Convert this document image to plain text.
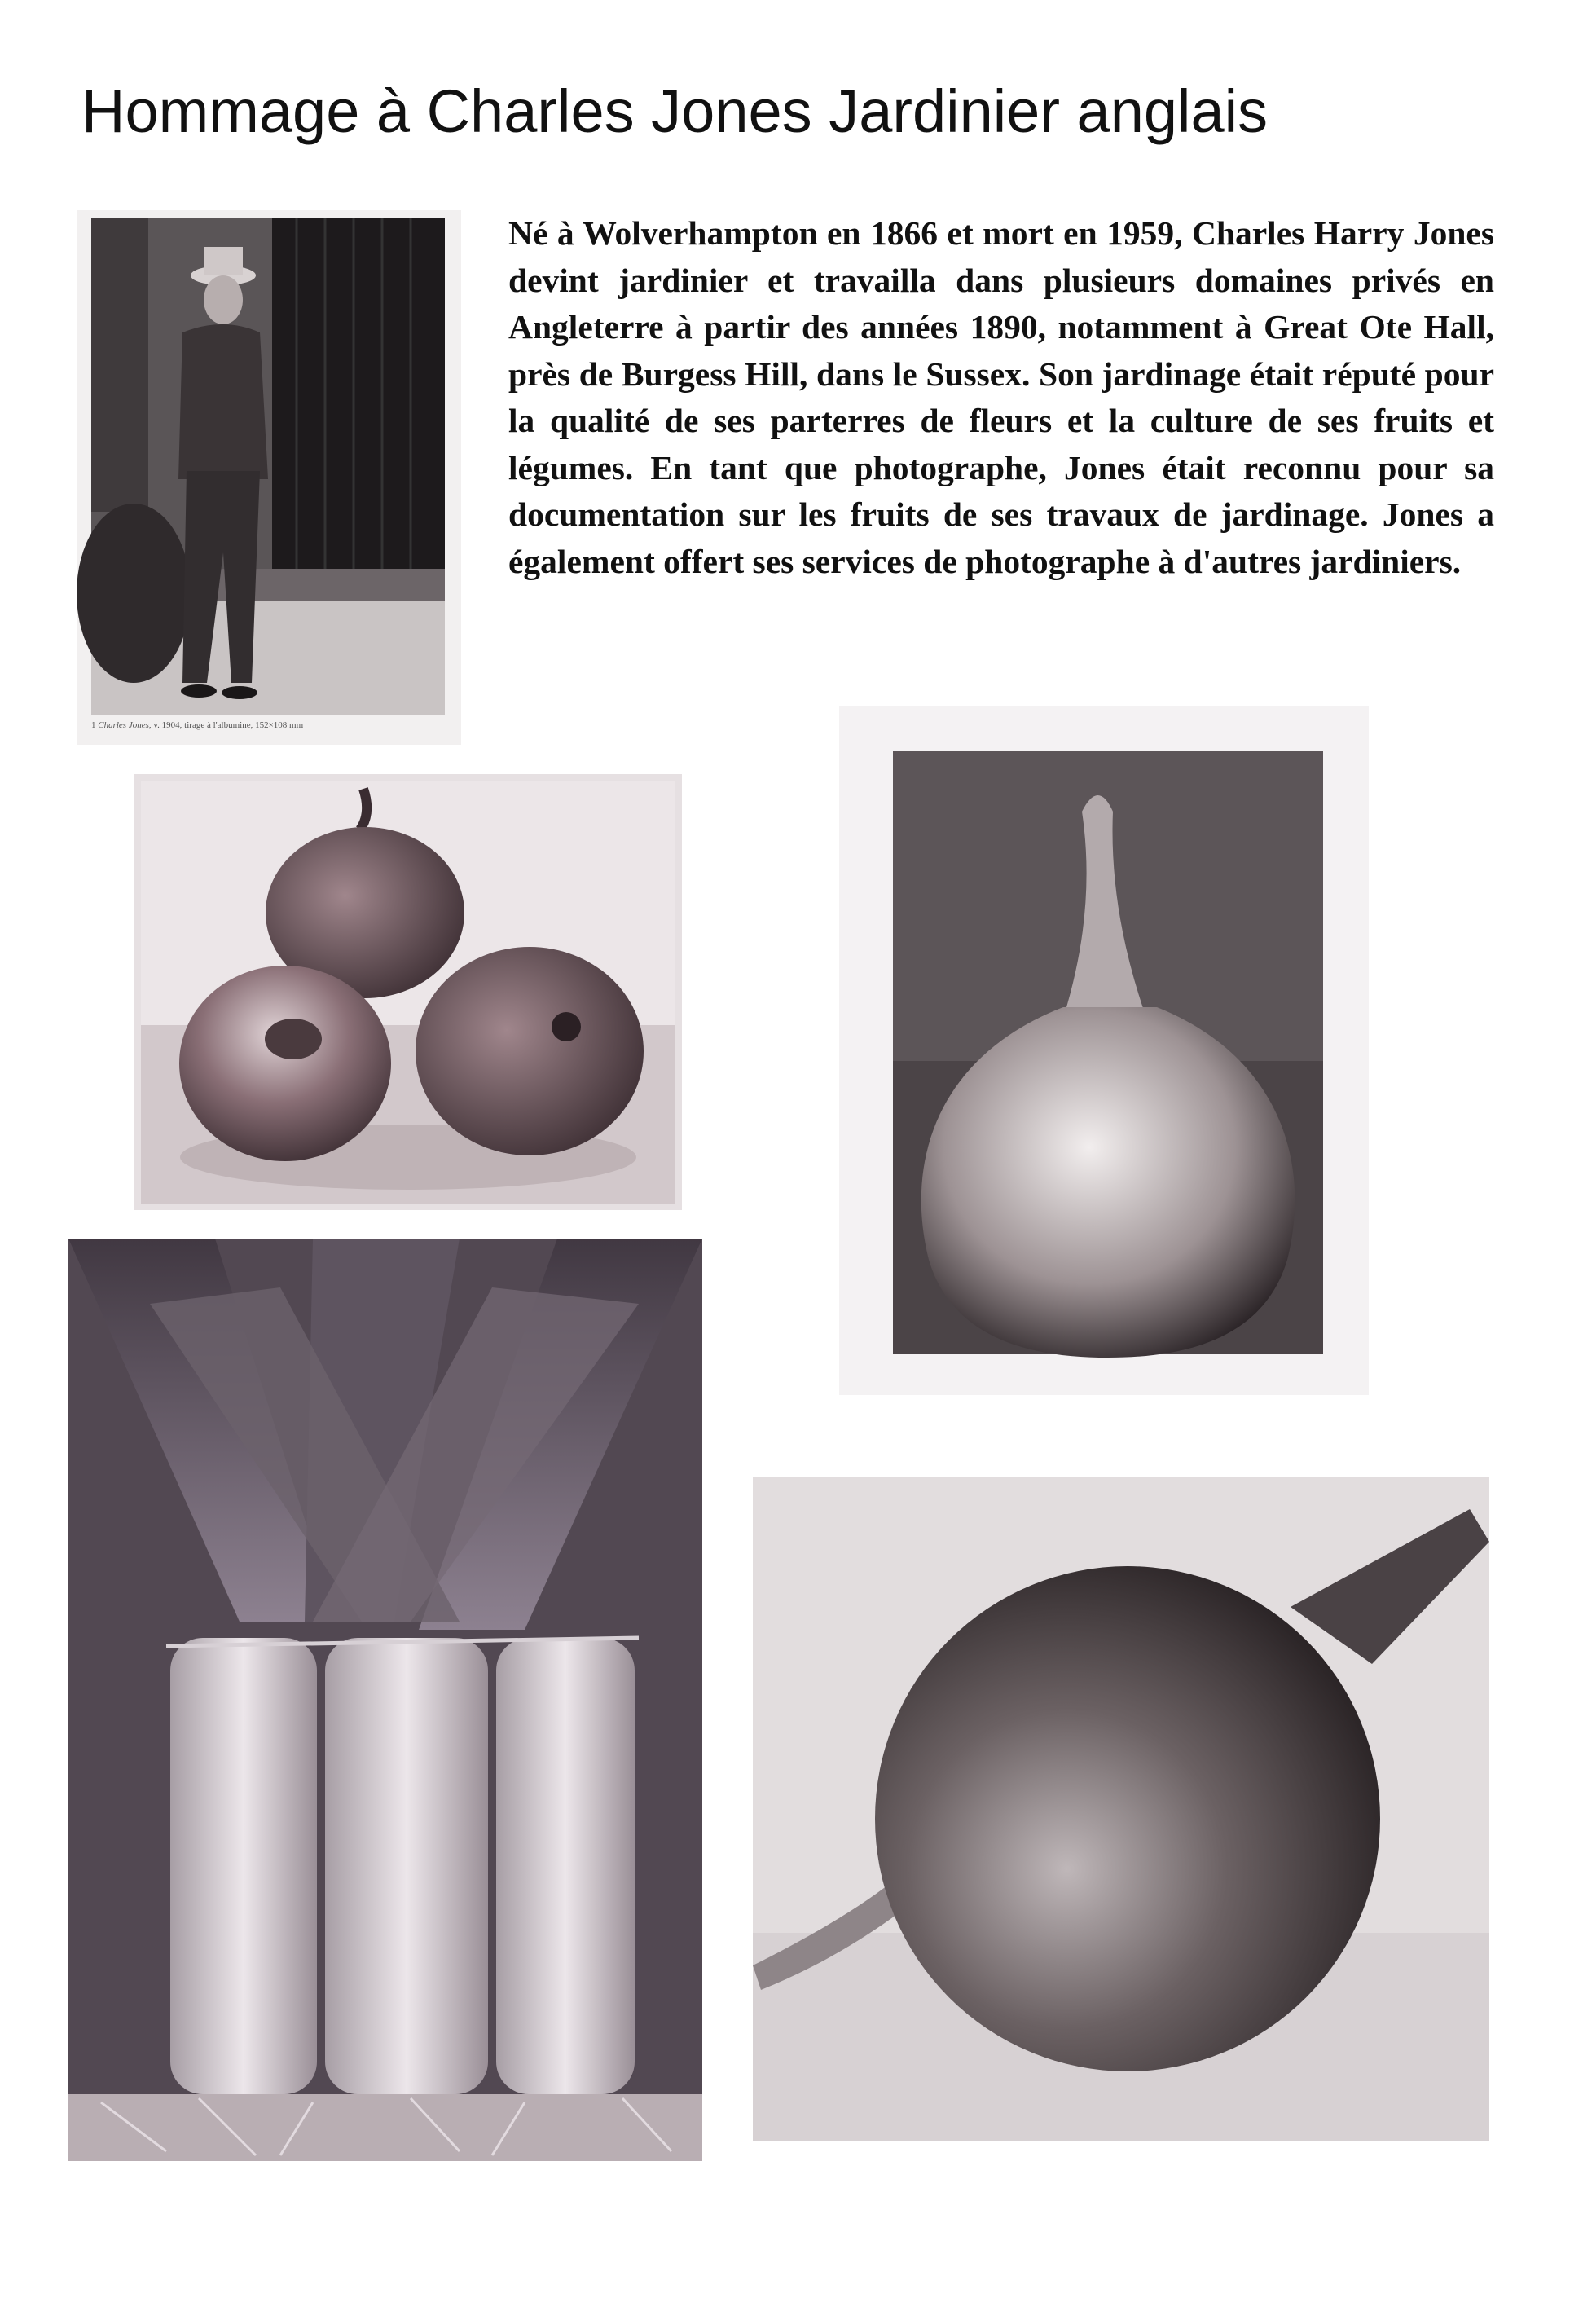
Hommage à Charles Jones Jardinier anglais
1 Charles Jones, v. 1904, tirage à l'albumine, 152×108 mm

Né à Wolverhampton en 1866 et mort en 1959, Charles Harry Jones devint jardinier et travailla dans plusieurs domaines privés en Angleterre à partir des années 1890, notamment à Great Ote Hall, près de Burgess Hill, dans le Sussex. Son jardinage était réputé pour la qualité de ses parterres de fleurs et la culture de ses fruits et légumes. En tant que photographe, Jones était reconnu pour sa documentation sur les fruits de ses travaux de jardinage. Jones a également offert ses services de photographe à d'autres jardiniers.
